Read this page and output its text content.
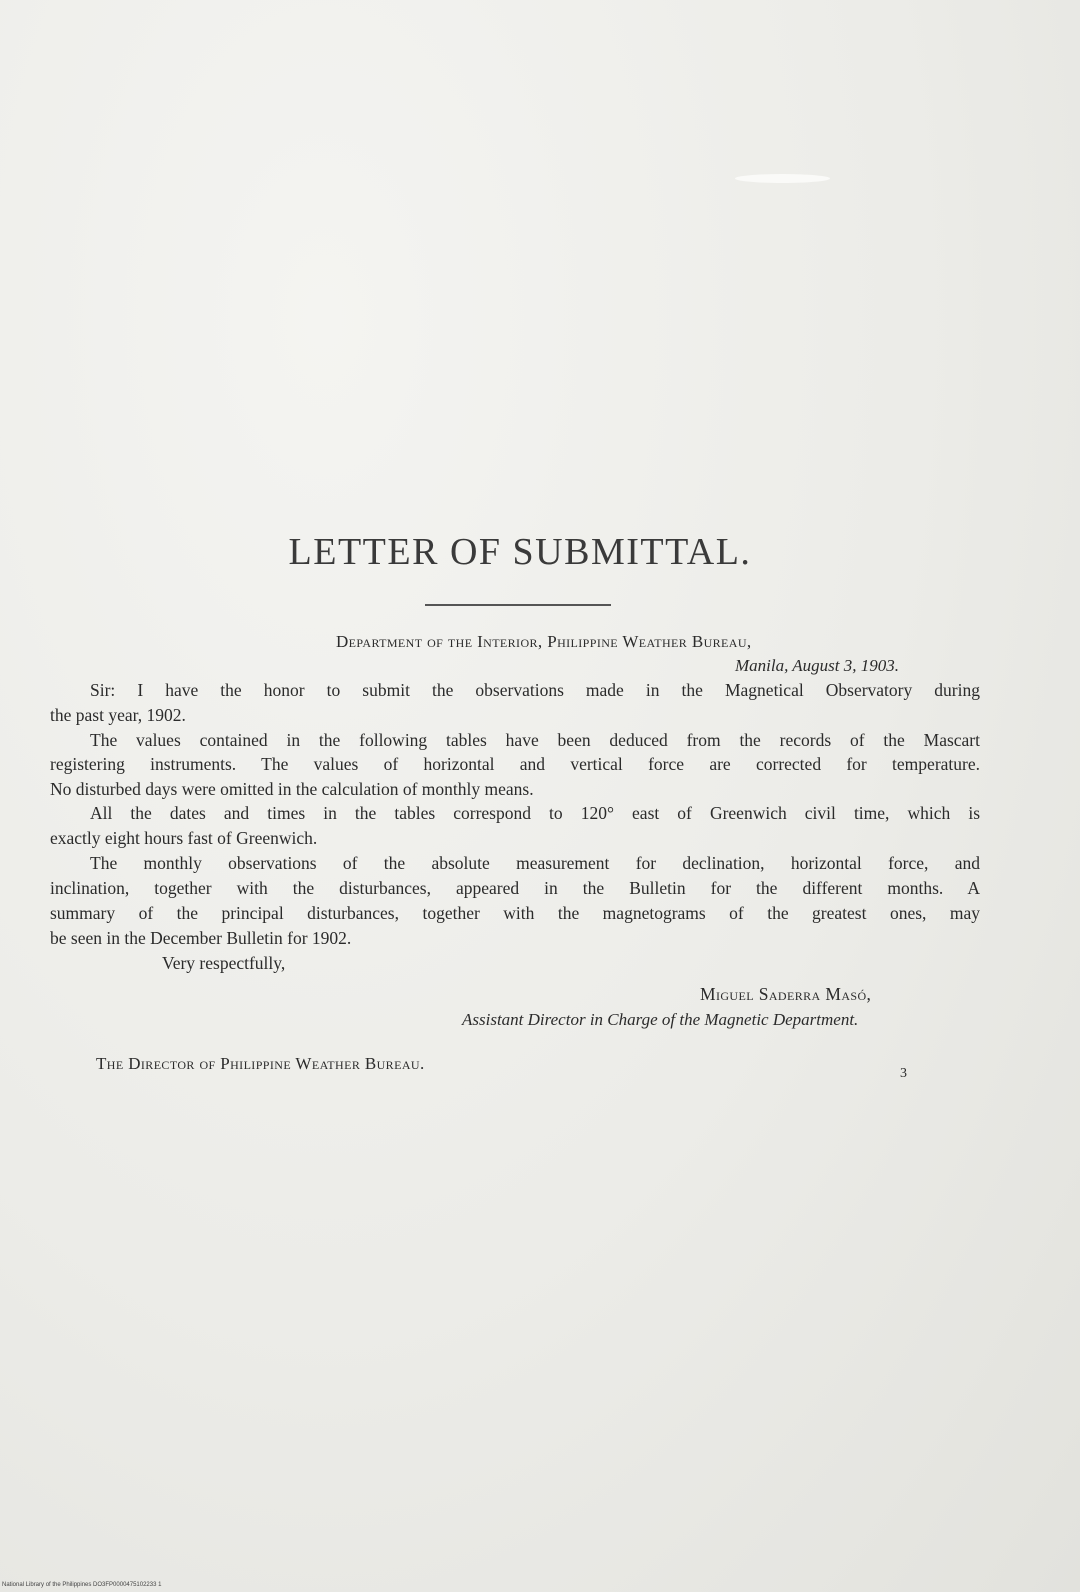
LETTER OF SUBMITTAL.
Department of the Interior, Philippine Weather Bureau,
Manila, August 3, 1903.
Sir: I have the honor to submit the observations made in the Magnetical Observatory during
the past year, 1902.
The values contained in the following tables have been deduced from the records of the Mascart
registering instruments. The values of horizontal and vertical force are corrected for temperature.
No disturbed days were omitted in the calculation of monthly means.
All the dates and times in the tables correspond to 120° east of Greenwich civil time, which is
exactly eight hours fast of Greenwich.
The monthly observations of the absolute measurement for declination, horizontal force, and
inclination, together with the disturbances, appeared in the Bulletin for the different months. A
summary of the principal disturbances, together with the magnetograms of the greatest ones, may
be seen in the December Bulletin for 1902.
Very respectfully,
Miguel Saderra Masó,
Assistant Director in Charge of the Magnetic Department.
The Director of Philippine Weather Bureau.
3
National Library of the Philippines DO3FP0000475102233 1
